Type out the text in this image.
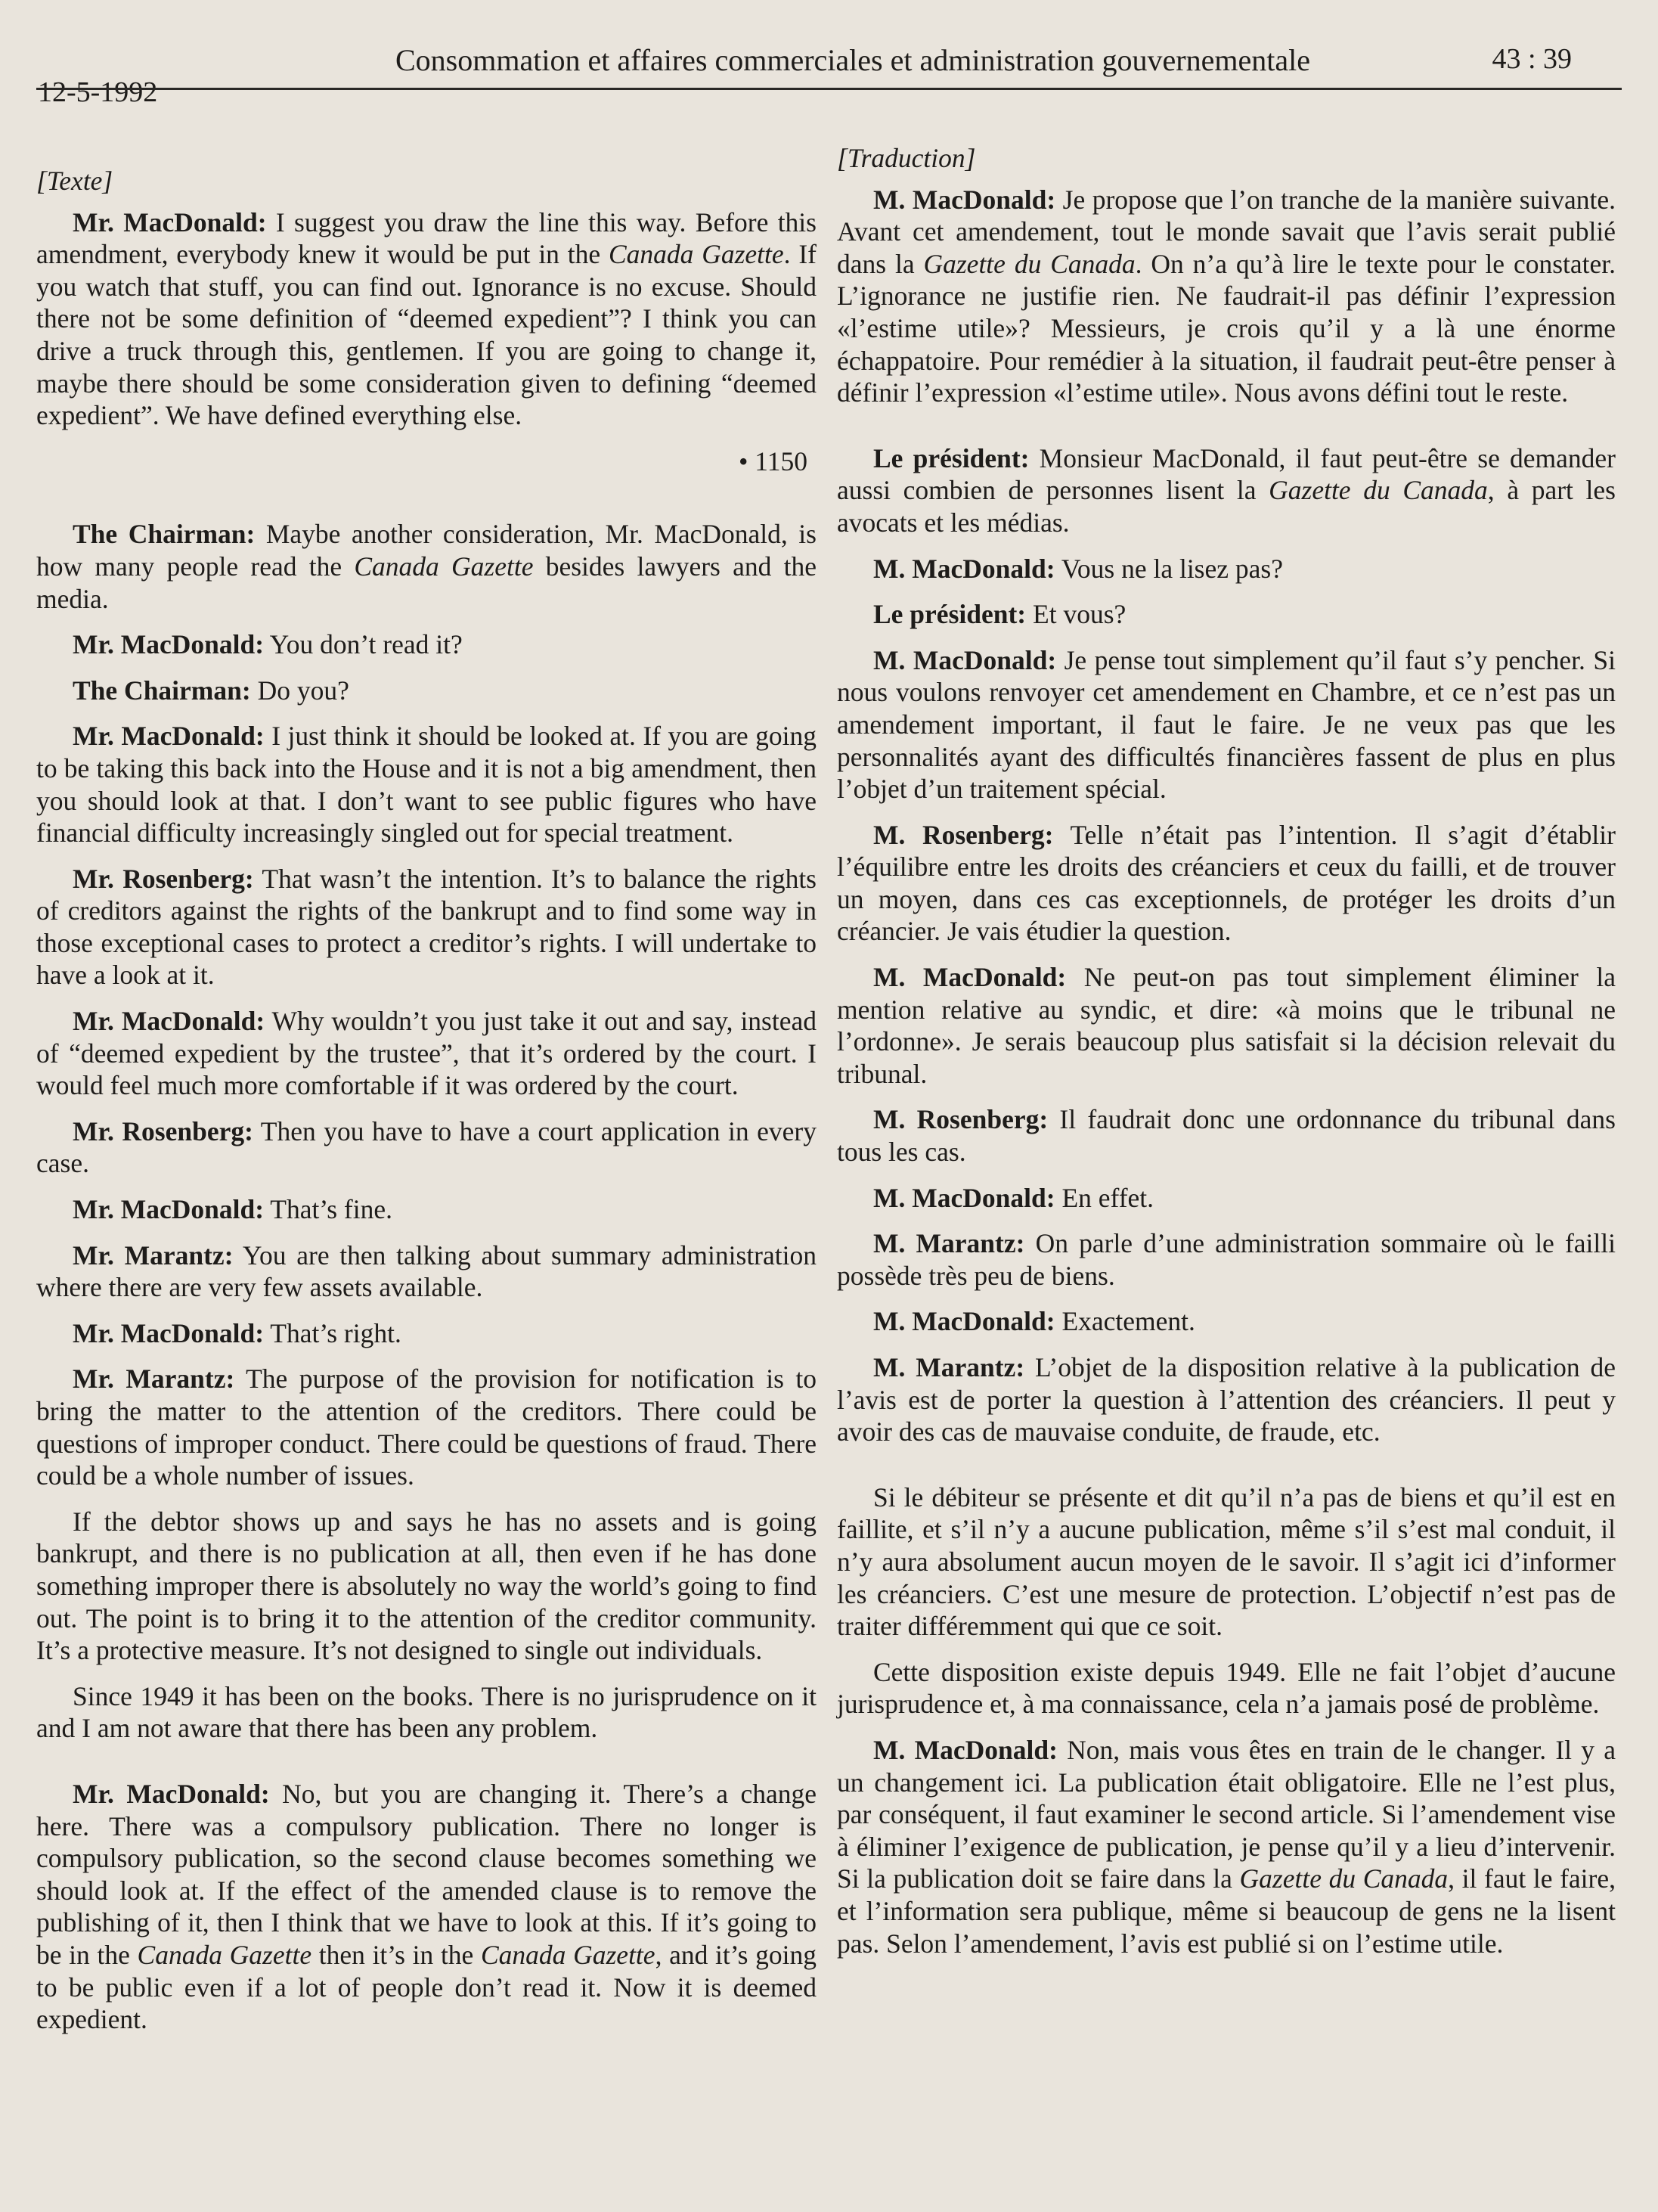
12-5-1992
Consommation et affaires commerciales et administration gouvernementale	43 : 39

[Texte]

Mr. MacDonald: I suggest you draw the line this way. Before this amendment, everybody knew it would be put in the Canada Gazette. If you watch that stuff, you can find out. Ignorance is no excuse. Should there not be some definition of “deemed expedient”? I think you can drive a truck through this, gentlemen. If you are going to change it, maybe there should be some consideration given to defining “deemed expedient”. We have defined everything else.

• 1150

The Chairman: Maybe another consideration, Mr. MacDonald, is how many people read the Canada Gazette besides lawyers and the media.

Mr. MacDonald: You don’t read it?

The Chairman: Do you?

Mr. MacDonald: I just think it should be looked at. If you are going to be taking this back into the House and it is not a big amendment, then you should look at that. I don’t want to see public figures who have financial difficulty increasingly singled out for special treatment.

Mr. Rosenberg: That wasn’t the intention. It’s to balance the rights of creditors against the rights of the bankrupt and to find some way in those exceptional cases to protect a creditor’s rights. I will undertake to have a look at it.

Mr. MacDonald: Why wouldn’t you just take it out and say, instead of “deemed expedient by the trustee”, that it’s ordered by the court. I would feel much more comfortable if it was ordered by the court.

Mr. Rosenberg: Then you have to have a court application in every case.

Mr. MacDonald: That’s fine.

Mr. Marantz: You are then talking about summary administration where there are very few assets available.

Mr. MacDonald: That’s right.

Mr. Marantz: The purpose of the provision for notification is to bring the matter to the attention of the creditors. There could be questions of improper conduct. There could be questions of fraud. There could be a whole number of issues.

If the debtor shows up and says he has no assets and is going bankrupt, and there is no publication at all, then even if he has done something improper there is absolutely no way the world’s going to find out. The point is to bring it to the attention of the creditor community. It’s a protective measure. It’s not designed to single out individuals.

Since 1949 it has been on the books. There is no jurisprudence on it and I am not aware that there has been any problem.

Mr. MacDonald: No, but you are changing it. There’s a change here. There was a compulsory publication. There no longer is compulsory publication, so the second clause becomes something we should look at. If the effect of the amended clause is to remove the publishing of it, then I think that we have to look at this. If it’s going to be in the Canada Gazette then it’s in the Canada Gazette, and it’s going to be public even if a lot of people don’t read it. Now it is deemed expedient.

[Traduction]

M. MacDonald: Je propose que l’on tranche de la manière suivante. Avant cet amendement, tout le monde savait que l’avis serait publié dans la Gazette du Canada. On n’a qu’à lire le texte pour le constater. L’ignorance ne justifie rien. Ne faudrait-il pas définir l’expression «l’estime utile»? Messieurs, je crois qu’il y a là une énorme échappatoire. Pour remédier à la situation, il faudrait peut-être penser à définir l’expression «l’estime utile». Nous avons défini tout le reste.

Le président: Monsieur MacDonald, il faut peut-être se demander aussi combien de personnes lisent la Gazette du Canada, à part les avocats et les médias.

M. MacDonald: Vous ne la lisez pas?

Le président: Et vous?

M. MacDonald: Je pense tout simplement qu’il faut s’y pencher. Si nous voulons renvoyer cet amendement en Chambre, et ce n’est pas un amendement important, il faut le faire. Je ne veux pas que les personnalités ayant des difficultés financières fassent de plus en plus l’objet d’un traitement spécial.

M. Rosenberg: Telle n’était pas l’intention. Il s’agit d’établir l’équilibre entre les droits des créanciers et ceux du failli, et de trouver un moyen, dans ces cas exceptionnels, de protéger les droits d’un créancier. Je vais étudier la question.

M. MacDonald: Ne peut-on pas tout simplement éliminer la mention relative au syndic, et dire: «à moins que le tribunal ne l’ordonne». Je serais beaucoup plus satisfait si la décision relevait du tribunal.

M. Rosenberg: Il faudrait donc une ordonnance du tribunal dans tous les cas.

M. MacDonald: En effet.

M. Marantz: On parle d’une administration sommaire où le failli possède très peu de biens.

M. MacDonald: Exactement.

M. Marantz: L’objet de la disposition relative à la publication de l’avis est de porter la question à l’attention des créanciers. Il peut y avoir des cas de mauvaise conduite, de fraude, etc.

Si le débiteur se présente et dit qu’il n’a pas de biens et qu’il est en faillite, et s’il n’y a aucune publication, même s’il s’est mal conduit, il n’y aura absolument aucun moyen de le savoir. Il s’agit ici d’informer les créanciers. C’est une mesure de protection. L’objectif n’est pas de traiter différemment qui que ce soit.

Cette disposition existe depuis 1949. Elle ne fait l’objet d’aucune jurisprudence et, à ma connaissance, cela n’a jamais posé de problème.

M. MacDonald: Non, mais vous êtes en train de le changer. Il y a un changement ici. La publication était obligatoire. Elle ne l’est plus, par conséquent, il faut examiner le second article. Si l’amendement vise à éliminer l’exigence de publication, je pense qu’il y a lieu d’intervenir. Si la publication doit se faire dans la Gazette du Canada, il faut le faire, et l’information sera publique, même si beaucoup de gens ne la lisent pas. Selon l’amendement, l’avis est publié si on l’estime utile.
